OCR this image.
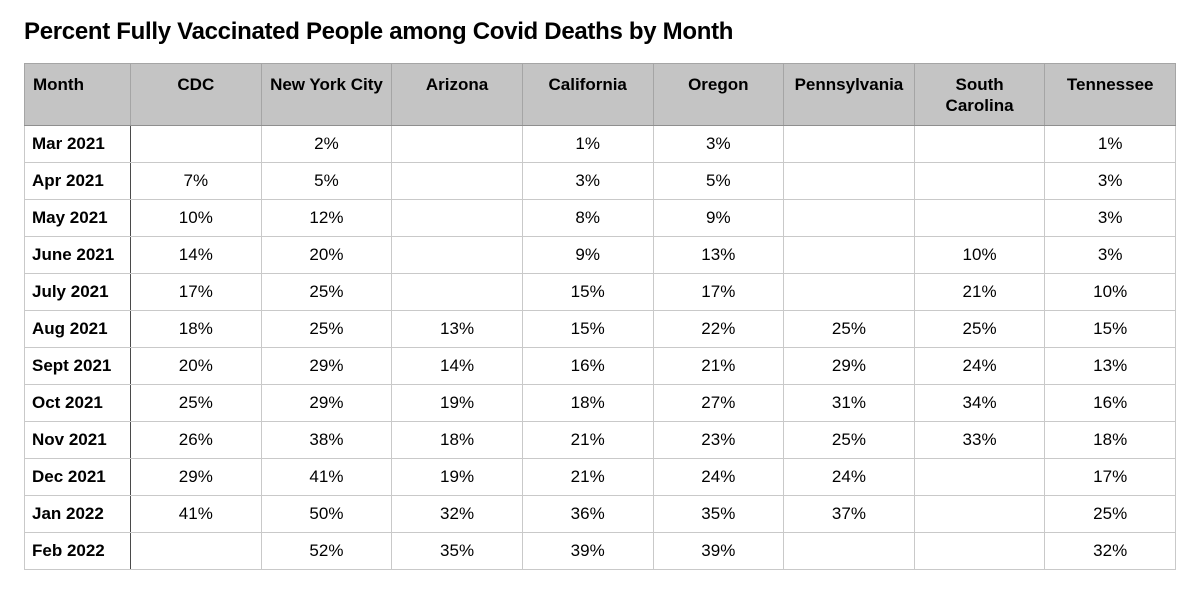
Percent Fully Vaccinated People among Covid Deaths by Month
Month	CDC	New York City	Arizona	California	Oregon	Pennsylvania	South Carolina	Tennessee
Mar 2021		2%		1%	3%			1%
Apr 2021	7%	5%		3%	5%			3%
May 2021	10%	12%		8%	9%			3%
June 2021	14%	20%		9%	13%		10%	3%
July 2021	17%	25%		15%	17%		21%	10%
Aug 2021	18%	25%	13%	15%	22%	25%	25%	15%
Sept 2021	20%	29%	14%	16%	21%	29%	24%	13%
Oct 2021	25%	29%	19%	18%	27%	31%	34%	16%
Nov 2021	26%	38%	18%	21%	23%	25%	33%	18%
Dec 2021	29%	41%	19%	21%	24%	24%		17%
Jan 2022	41%	50%	32%	36%	35%	37%		25%
Feb 2022		52%	35%	39%	39%			32%
